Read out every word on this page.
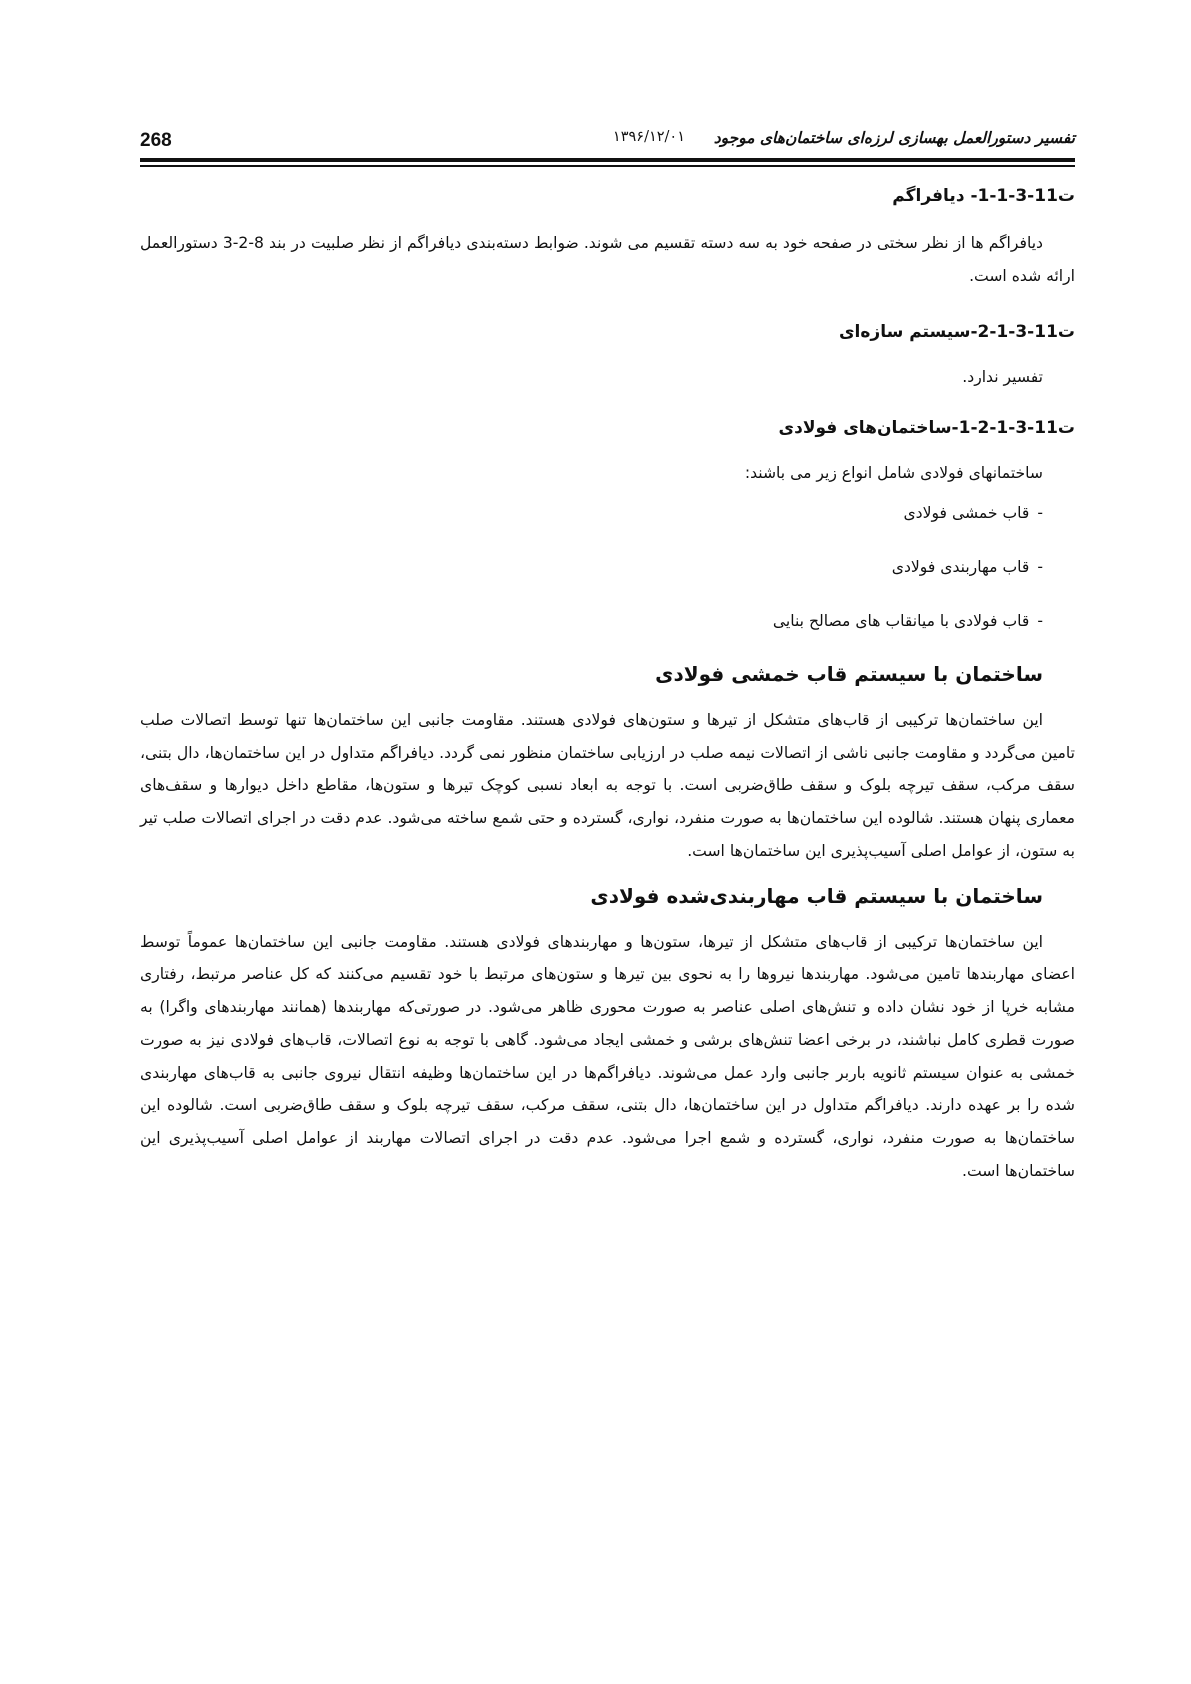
268	۱۳۹۶/۱۲/۰۱ تفسیر دستورالعمل بهسازی لرزه‌ای ساختمان‌های موجود
ت11-3-1-1- دیافراگم

دیافراگم ها از نظر سختی در صفحه خود به سه دسته تقسیم می شوند. ضوابط دسته‌بندی دیافراگم از نظر صلبیت در بند 8-2-3 دستورالعمل ارائه شده است.

ت11-3-1-2-سیستم سازه‌ای

تفسیر ندارد.

ت11-3-1-2-1-ساختمان‌های فولادی

ساختمانهای فولادی شامل انواع زیر می باشند:

-قاب خمشی فولادی
-قاب مهاربندی فولادی
-قاب فولادی با میانقاب های مصالح بنایی
ساختمان با سیستم قاب خمشی فولادی

این ساختمان‌ها ترکیبی از قاب‌های متشکل از تیرها و ستون‌های فولادی هستند. مقاومت جانبی این ساختمان‌ها تنها توسط اتصالات صلب تامین می‌گردد و مقاومت جانبی ناشی از اتصالات نیمه صلب در ارزیابی ساختمان منظور نمی گردد. دیافراگم متداول در این ساختمان‌ها، دال بتنی، سقف مرکب، سقف تیرچه بلوک و سقف طاق‌ضربی است. با توجه به ابعاد نسبی کوچک تیرها و ستون‌ها، مقاطع داخل دیوارها و سقف‌های معماری پنهان هستند. شالوده این ساختمان‌ها به صورت منفرد، نواری، گسترده و حتی شمع ساخته می‌شود. عدم دقت در اجرای اتصالات صلب تیر به ستون، از عوامل اصلی آسیب‌پذیری این ساختمان‌ها است.

ساختمان با سیستم قاب مهاربندی‌شده فولادی

این ساختمان‌ها ترکیبی از قاب‌های متشکل از تیرها، ستون‌ها و مهاربندهای فولادی هستند. مقاومت جانبی این ساختمان‌ها عموماً توسط اعضای مهاربندها تامین می‌شود. مهاربندها نیروها را به نحوی بین تیرها و ستون‌های مرتبط با خود تقسیم می‌کنند که کل عناصر مرتبط، رفتاری مشابه خرپا از خود نشان داده و تنش‌های اصلی عناصر به صورت محوری ظاهر می‌شود. در صورتی‌که مهاربندها (همانند مهاربندهای واگرا) به صورت قطری کامل نباشند، در برخی اعضا تنش‌های برشی و خمشی ایجاد می‌شود. گاهی با توجه به نوع اتصالات، قاب‌های فولادی نیز به صورت خمشی به عنوان سیستم ثانویه باربر جانبی وارد عمل می‌شوند. دیافراگم‌ها در این ساختمان‌ها وظیفه انتقال نیروی جانبی به قاب‌های مهاربندی شده را بر عهده دارند. دیافراگم متداول در این ساختمان‌ها، دال بتنی، سقف مرکب، سقف تیرچه بلوک و سقف طاق‌ضربی است. شالوده این ساختمان‌ها به صورت منفرد، نواری، گسترده و شمع اجرا می‌شود. عدم دقت در اجرای اتصالات مهاربند از عوامل اصلی آسیب‌پذیری این ساختمان‌ها است.
